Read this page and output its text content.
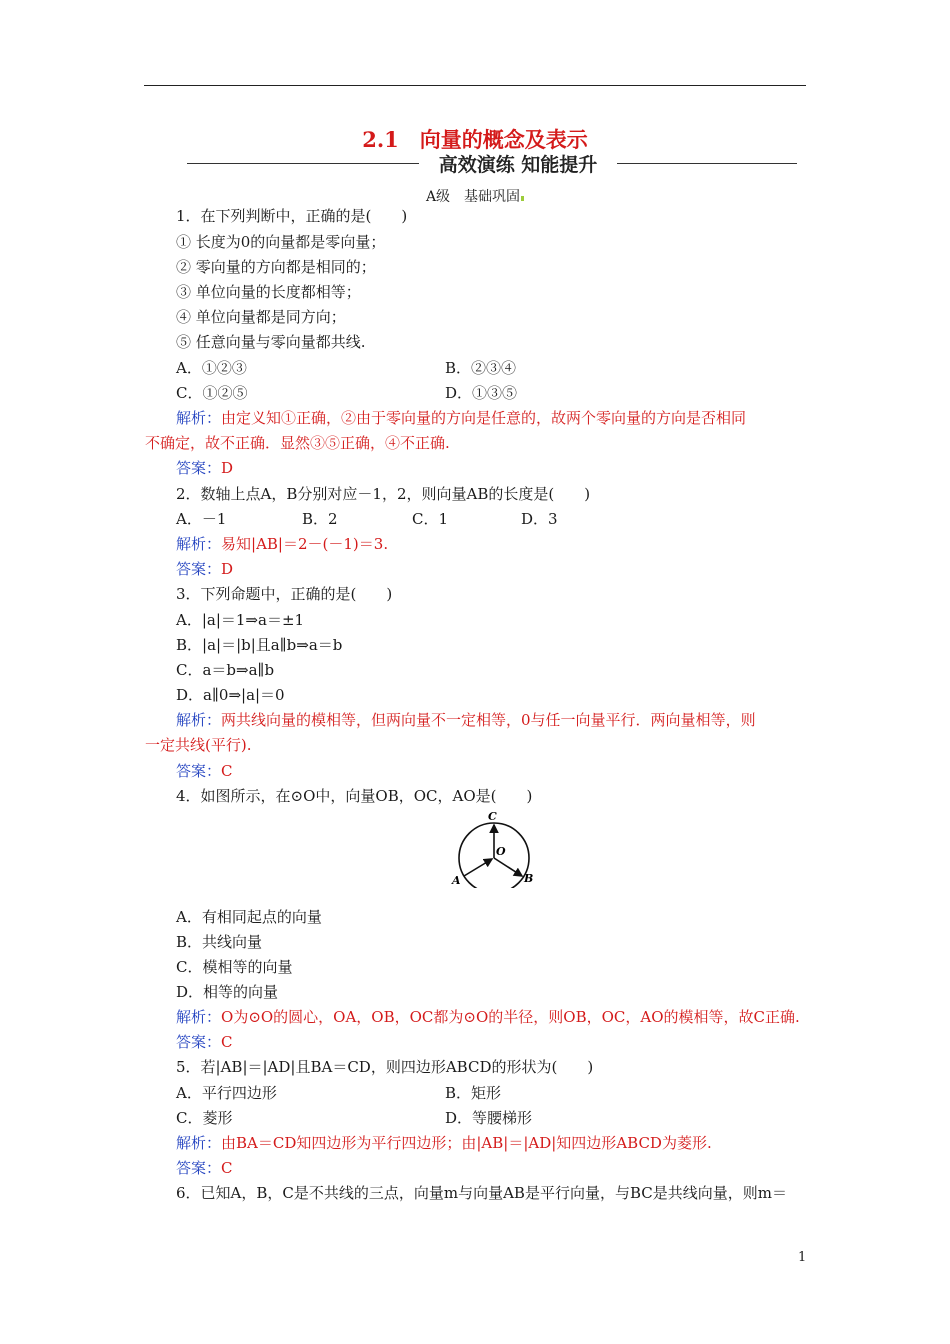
2.1　向量的概念及表示
高效演练 知能提升
A级　基础巩固
1．在下列判断中，正确的是(　　)
① 长度为0的向量都是零向量；
② 零向量的方向都是相同的；
③ 单位向量的长度都相等；
④ 单位向量都是同方向；
⑤ 任意向量与零向量都共线.
A．①②③	B．②③④
C．①②⑤	D．①③⑤
解析：由定义知①正确，②由于零向量的方向是任意的，故两个零向量的方向是否相同
不确定，故不正确．显然③⑤正确，④不正确.
答案：D
2．数轴上点A，B分别对应－1，2，则向量AB的长度是(　　)
A．－1	B．2	C．1	D．3
解析：易知|AB|＝2－(－1)＝3.
答案：D
3．下列命题中，正确的是(　　)
A．|a|＝1⇒a＝±1
B．|a|＝|b|且a∥b⇒a＝b
C．a＝b⇒a∥b
D．a∥0⇒|a|＝0
解析：两共线向量的模相等，但两向量不一定相等，0与任一向量平行．两向量相等，则
一定共线(平行).
答案：C
4．如图所示，在⊙O中，向量OB，OC，AO是(　　)
C
O
A	B
A．有相同起点的向量
B．共线向量
C．模相等的向量
D．相等的向量
解析：O为⊙O的圆心，OA，OB，OC都为⊙O的半径，则OB，OC，AO的模相等，故C正确.
答案：C
5．若|AB|＝|AD|且BA＝CD，则四边形ABCD的形状为(　　)
A．平行四边形	B．矩形
C．菱形	D．等腰梯形
解析：由BA＝CD知四边形为平行四边形；由|AB|＝|AD|知四边形ABCD为菱形.
答案：C
6．已知A，B，C是不共线的三点，向量m与向量AB是平行向量，与BC是共线向量，则m＝
1
